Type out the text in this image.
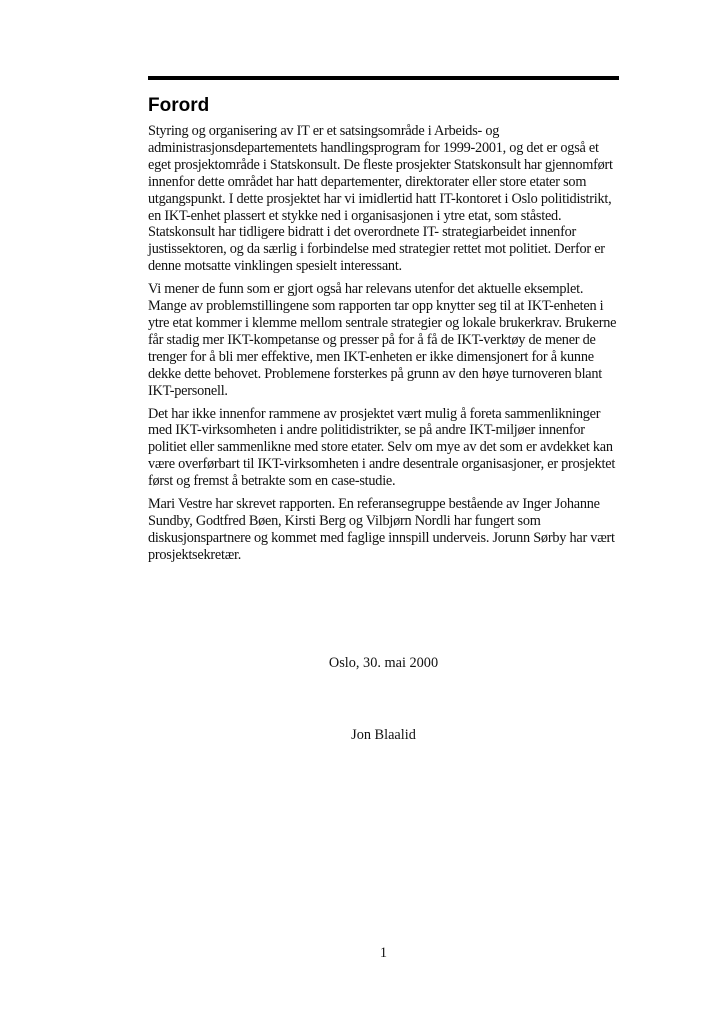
Forord

Styring og organisering av IT er et satsingsområde i Arbeids- og administrasjonsdepartementets handlingsprogram for 1999-2001, og det er også et eget prosjektområde i Statskonsult. De fleste prosjekter Statskonsult har gjennomført innenfor dette området har hatt departementer, direktorater eller store etater som utgangspunkt. I dette prosjektet har vi imidlertid hatt IT-kontoret i Oslo politidistrikt, en IKT-enhet plassert et stykke ned i organisasjonen i ytre etat, som ståsted. Statskonsult har tidligere bidratt i det overordnete IT- strategiarbeidet innenfor justissektoren, og da særlig i forbindelse med strategier rettet mot politiet. Derfor er denne motsatte vinklingen spesielt interessant.

Vi mener de funn som er gjort også har relevans utenfor det aktuelle eksemplet. Mange av problemstillingene som rapporten tar opp knytter seg til at IKT-enheten i ytre etat kommer i klemme mellom sentrale strategier og lokale brukerkrav. Brukerne får stadig mer IKT-kompetanse og presser på for å få de IKT-verktøy de mener de trenger for å bli mer effektive, men IKT-enheten er ikke dimensjonert for å kunne dekke dette behovet. Problemene forsterkes på grunn av den høye turnoveren blant IKT-personell.

Det har ikke innenfor rammene av prosjektet vært mulig å foreta sammenlikninger med IKT-virksomheten i andre politidistrikter, se på andre IKT-miljøer innenfor politiet eller sammenlikne med store etater. Selv om mye av det som er avdekket kan være overførbart til IKT-virksomheten i andre desentrale organisasjoner, er prosjektet først og fremst å betrakte som en case-studie.

Mari Vestre har skrevet rapporten. En referansegruppe bestående av Inger Johanne Sundby, Godtfred Bøen, Kirsti Berg og Vilbjørn Nordli har fungert som diskusjonspartnere og kommet med faglige innspill underveis. Jorunn Sørby har vært prosjektsekretær.

Oslo, 30. mai 2000

Jon Blaalid

1
